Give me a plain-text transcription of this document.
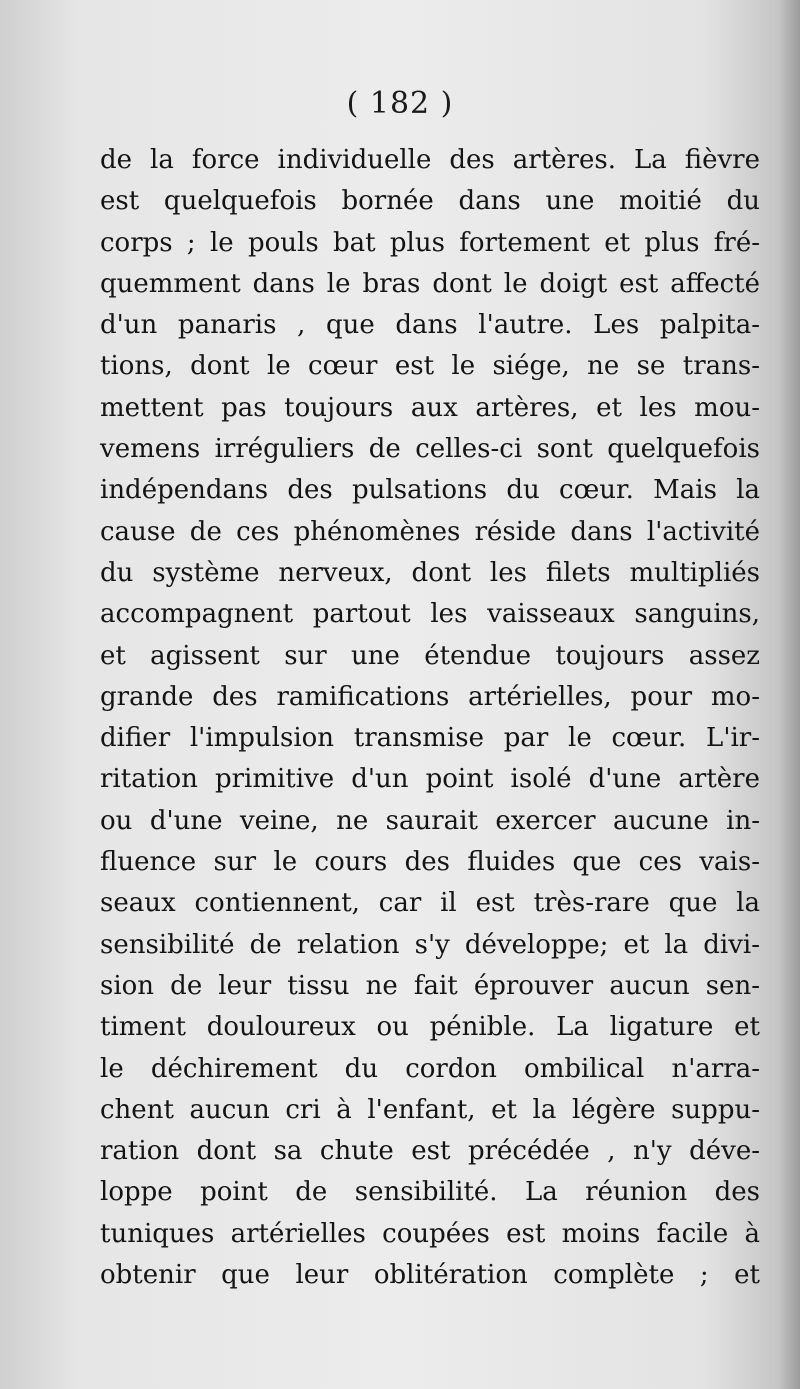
( 182 )
de la force individuelle des artères. La fièvre
est quelquefois bornée dans une moitié du
corps ; le pouls bat plus fortement et plus fré-
quemment dans le bras dont le doigt est affecté
d'un panaris , que dans l'autre. Les palpita-
tions, dont le cœur est le siége, ne se trans-
mettent pas toujours aux artères, et les mou-
vemens irréguliers de celles-ci sont quelquefois
indépendans des pulsations du cœur. Mais la
cause de ces phénomènes réside dans l'activité
du système nerveux, dont les filets multipliés
accompagnent partout les vaisseaux sanguins,
et agissent sur une étendue toujours assez
grande des ramifications artérielles, pour mo-
difier l'impulsion transmise par le cœur. L'ir-
ritation primitive d'un point isolé d'une artère
ou d'une veine, ne saurait exercer aucune in-
fluence sur le cours des fluides que ces vais-
seaux contiennent, car il est très-rare que la
sensibilité de relation s'y développe; et la divi-
sion de leur tissu ne fait éprouver aucun sen-
timent douloureux ou pénible. La ligature et
le déchirement du cordon ombilical n'arra-
chent aucun cri à l'enfant, et la légère suppu-
ration dont sa chute est précédée , n'y déve-
loppe point de sensibilité. La réunion des
tuniques artérielles coupées est moins facile à
obtenir que leur oblitération complète ; et
